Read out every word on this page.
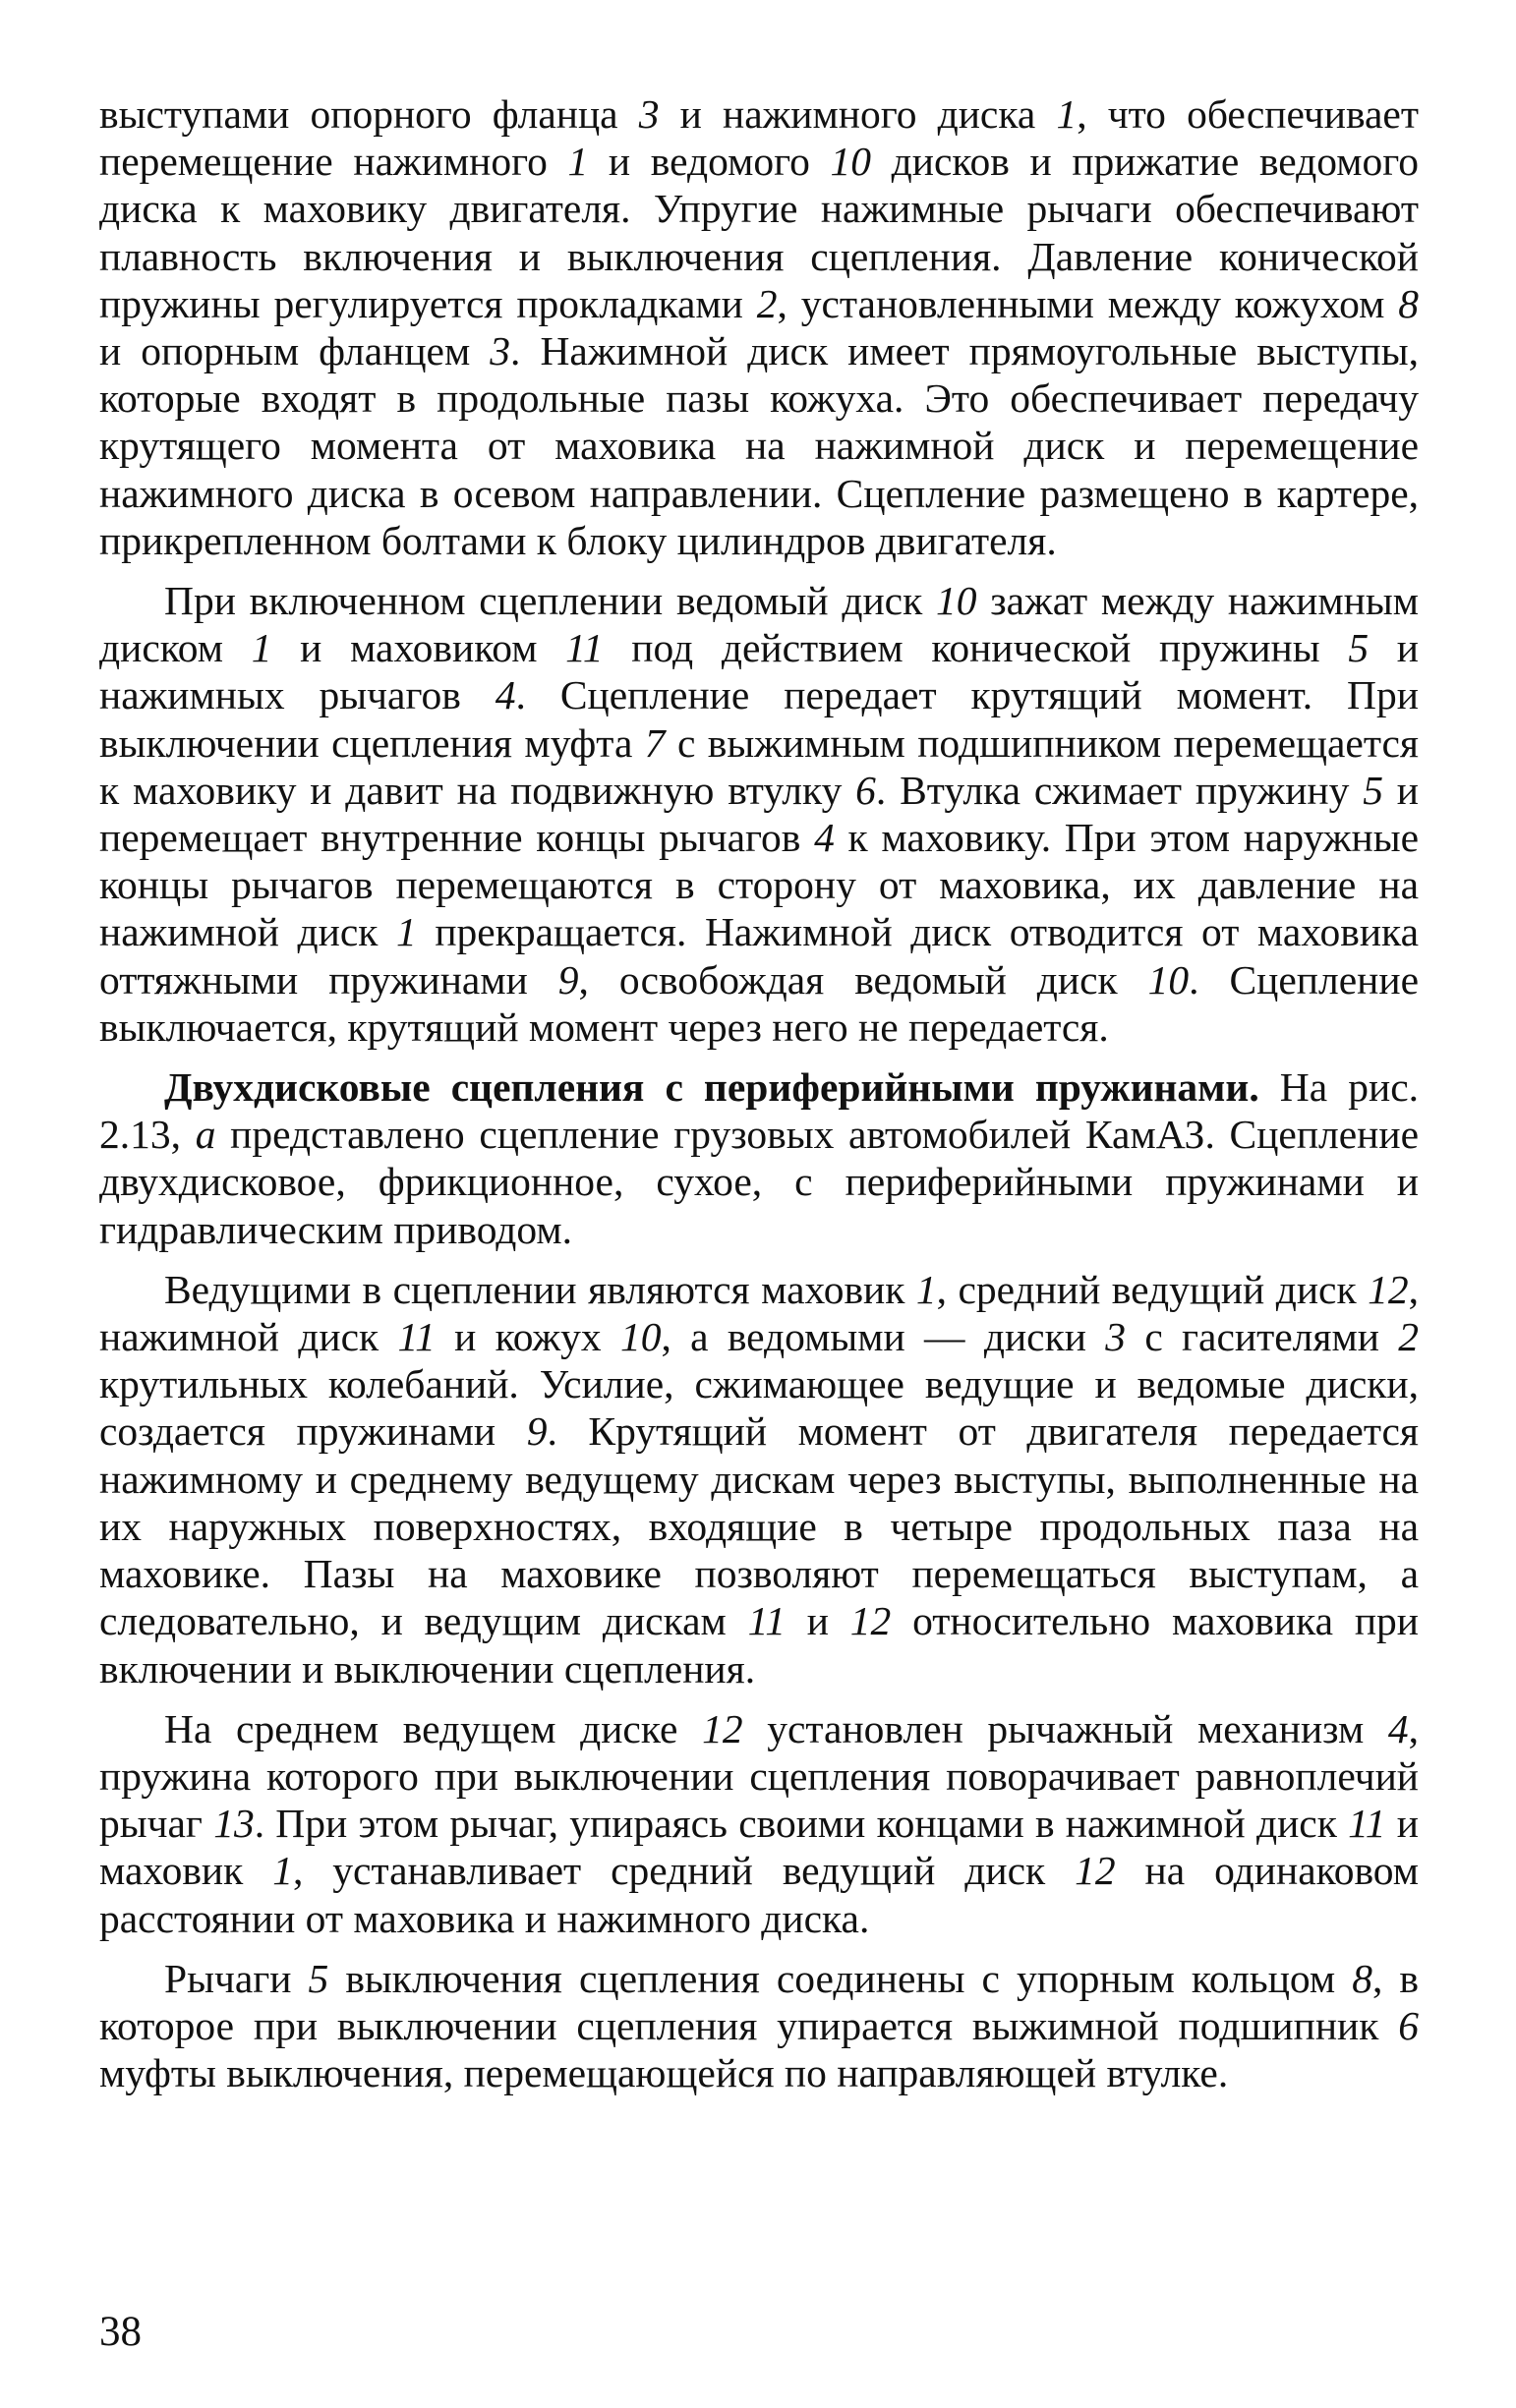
выступами опорного фланца 3 и нажимного диска 1, что обеспечивает перемещение нажимного 1 и ведомого 10 дисков и прижатие ведомого диска к маховику двигателя. Упругие нажимные рычаги обеспечивают плавность включения и выключения сцепления. Давление конической пружины регулируется прокладками 2, установленными между кожухом 8 и опорным фланцем 3. Нажимной диск имеет прямоугольные выступы, которые входят в продольные пазы кожуха. Это обеспечивает передачу крутящего момента от маховика на нажимной диск и перемещение нажимного диска в осевом направлении. Сцепление размещено в картере, прикрепленном болтами к блоку цилиндров двигателя.

При включенном сцеплении ведомый диск 10 зажат между нажимным диском 1 и маховиком 11 под действием конической пружины 5 и нажимных рычагов 4. Сцепление передает крутящий момент. При выключении сцепления муфта 7 с выжимным подшипником перемещается к маховику и давит на подвижную втулку 6. Втулка сжимает пружину 5 и перемещает внутренние концы рычагов 4 к маховику. При этом наружные концы рычагов перемещаются в сторону от маховика, их давление на нажимной диск 1 прекращается. Нажимной диск отводится от маховика оттяжными пружинами 9, освобождая ведомый диск 10. Сцепление выключается, крутящий момент через него не передается.

Двухдисковые сцепления с периферийными пружинами. На рис. 2.13, а представлено сцепление грузовых автомобилей КамАЗ. Сцепление двухдисковое, фрикционное, сухое, с периферийными пружинами и гидравлическим приводом.

Ведущими в сцеплении являются маховик 1, средний ведущий диск 12, нажимной диск 11 и кожух 10, а ведомыми — диски 3 с гасителями 2 крутильных колебаний. Усилие, сжимающее ведущие и ведомые диски, создается пружинами 9. Крутящий момент от двигателя передается нажимному и среднему ведущему дискам через выступы, выполненные на их наружных поверхностях, входящие в четыре продольных паза на маховике. Пазы на маховике позволяют перемещаться выступам, а следовательно, и ведущим дискам 11 и 12 относительно маховика при включении и выключении сцепления.

На среднем ведущем диске 12 установлен рычажный механизм 4, пружина которого при выключении сцепления поворачивает равноплечий рычаг 13. При этом рычаг, упираясь своими концами в нажимной диск 11 и маховик 1, устанавливает средний ведущий диск 12 на одинаковом расстоянии от маховика и нажимного диска.

Рычаги 5 выключения сцепления соединены с упорным кольцом 8, в которое при выключении сцепления упирается выжимной подшипник 6 муфты выключения, перемещающейся по направляющей втулке.

38
